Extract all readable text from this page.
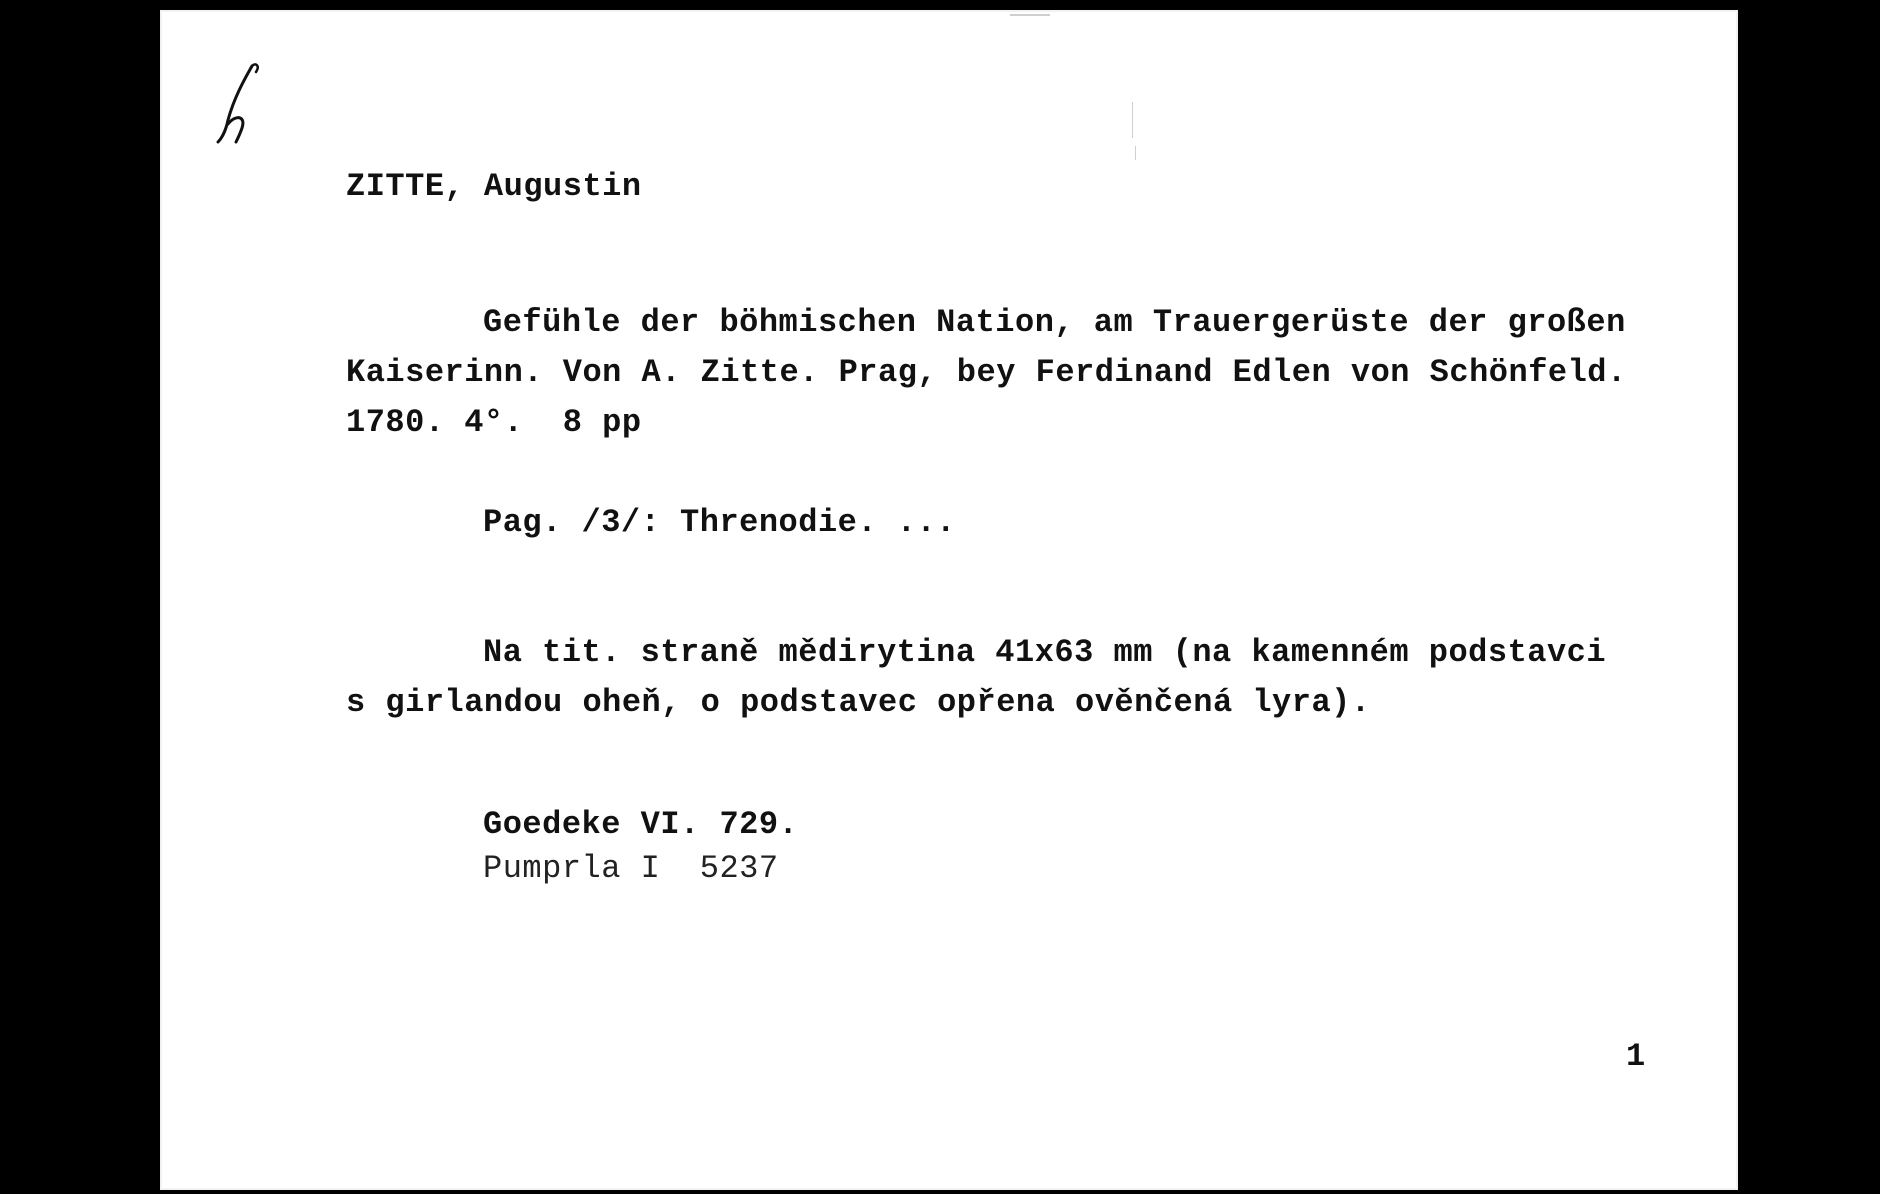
ZITTE, Augustin
Gefühle der böhmischen Nation, am Trauergerüste der großen
Kaiserinn. Von A. Zitte. Prag, bey Ferdinand Edlen von Schönfeld.
1780. 4°.  8 pp
Pag. /3/: Threnodie. ...
Na tit. straně mědirytina 41x63 mm (na kamenném podstavci
s girlandou oheň, o podstavec opřena ověnčená lyra).
Goedeke VI. 729.
Pumprla I  5237
1
